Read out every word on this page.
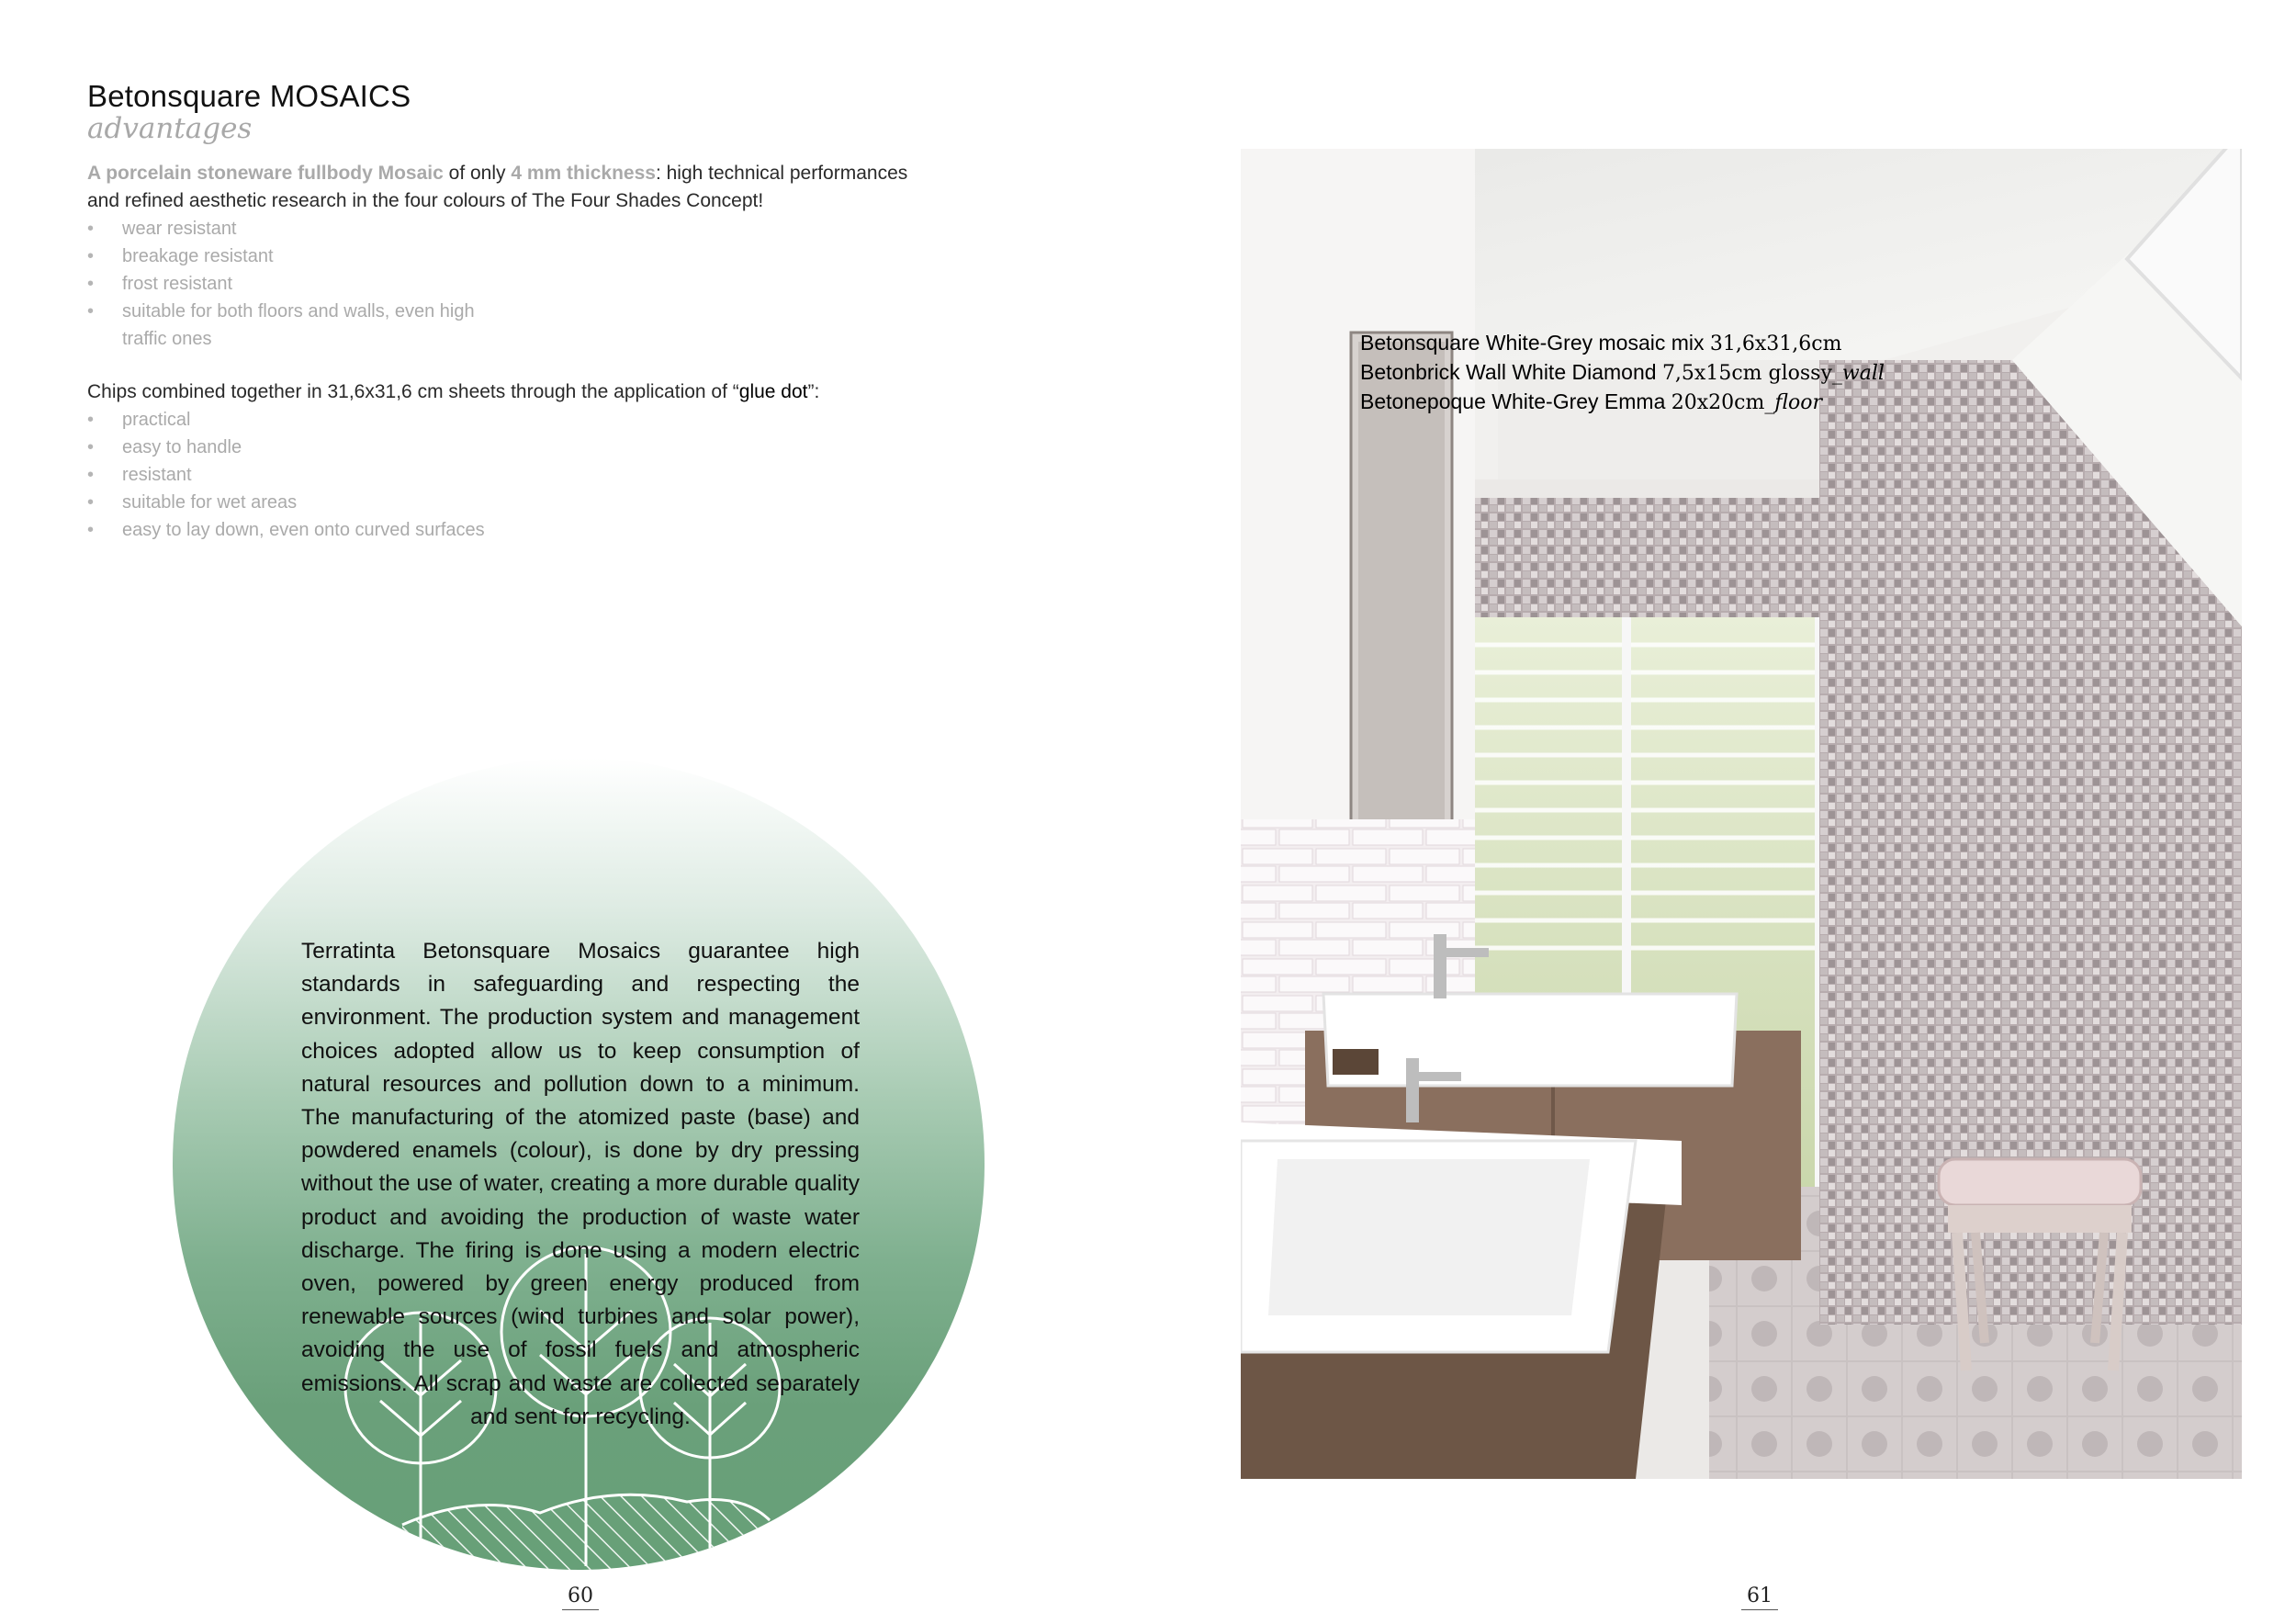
Betonsquare MOSAICS
advantages
A porcelain stoneware fullbody Mosaic of only 4 mm thickness: high technical performances and refined aesthetic research in the four colours of The Four Shades Concept!
• wear resistant
• breakage resistant
• frost resistant
• suitable for both floors and walls, even high traffic ones
Chips combined together in 31,6x31,6 cm sheets through the application of “glue dot”:
• practical
• easy to handle
• resistant
• suitable for wet areas
• easy to lay down, even onto curved surfaces
Terratinta Betonsquare Mosaics guarantee high standards in safeguarding and respecting the environment. The production system and management choices adopted allow us to keep consumption of natural resources and pollution down to a minimum. The manufacturing of the atomized paste (base) and powdered enamels (colour), is done by dry pressing without the use of water, creating a more durable quality product and avoiding the production of waste water discharge. The firing is done using a modern electric oven, powered by green energy produced from renewable sources (wind turbines and solar power), avoiding the use of fossil fuels and atmospheric emissions. All scrap and waste are collected separately and sent for recycling.
60
Betonsquare White-Grey mosaic mix 31,6x31,6cm
Betonbrick Wall White Diamond 7,5x15cm glossy_wall
Betonepoque White-Grey Emma 20x20cm_floor
61
